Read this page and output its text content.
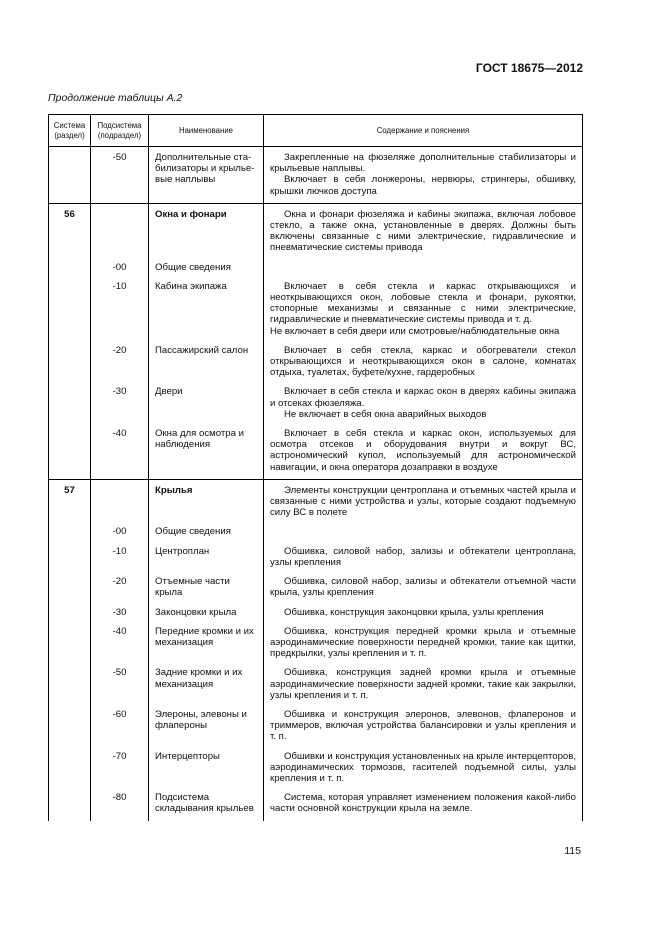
ГОСТ 18675—2012
Продолжение таблицы А.2
Система (раздел)	Подсистема (подраздел)	Наименование	Содержание и пояснения
	-50	Дополнительные ста-билизаторы и крылье-вые наплывы	Закрепленные на фюзеляже дополнительные стабилизаторы и крыльевые наплывы.

Включает в себя лонжероны, нервюры, стрингеры, обшивку, крышки лючков доступа

56		Окна и фонари	Окна и фонари фюзеляжа и кабины экипажа, включая лобовое стекло, а также окна, установленные в дверях. Должны быть включены связанные с ними электрические, гидравлические и пневматические системы привода

	-00	Общие сведения	
	-10	Кабина экипажа	Включает в себя стекла и каркас открывающихся и неоткрывающихся окон, лобовые стекла и фонари, рукоятки, стопорные механизмы и связанные с ними электрические, гидравлические и пневматические системы привода и т. д.

Не включает в себя двери или смотровые/наблюдательные окна

	-20	Пассажирский салон	Включает в себя стекла, каркас и обогреватели стекол открывающихся и неоткрывающихся окон в салоне, комнатах отдыха, туалетах, буфете/кухне, гардеробных

	-30	Двери	Включает в себя стекла и каркас окон в дверях кабины экипажа и отсеках фюзеляжа.

Не включает в себя окна аварийных выходов

	-40	Окна для осмотра и наблюдения	Включает в себя стекла и каркас окон, используемых для осмотра отсеков и оборудования внутри и вокруг ВС, астрономический купол, используемый для астрономической навигации, и окна оператора дозаправки в воздухе

57		Крылья	Элементы конструкции центроплана и отъемных частей крыла и связанные с ними устройства и узлы, которые создают подъемную силу ВС в полете

	-00	Общие сведения	
	-10	Центроплан	Обшивка, силовой набор, зализы и обтекатели центроплана, узлы крепления

	-20	Отъемные части крыла	Обшивка, силовой набор, зализы и обтекатели отъемной части крыла, узлы крепления

	-30	Законцовки крыла	Обшивка, конструкция законцовки крыла, узлы крепления

	-40	Передние кромки и их механизация	Обшивка, конструкция передней кромки крыла и отъемные аэродинамические поверхности передней кромки, такие как щитки, предкрылки, узлы крепления и т. п.

	-50	Задние кромки и их механизация	Обшивка, конструкция задней кромки крыла и отъемные аэродинамические поверхности задней кромки, такие как закрылки, узлы крепления и т. п.

	-60	Элероны, элевоны и флапероны	Обшивка и конструкция элеронов, элевонов, флаперонов и триммеров, включая устройства балансировки и узлы крепления и т. п.

	-70	Интерцепторы	Обшивки и конструкция установленных на крыле интерцепторов, аэродинамических тормозов, гасителей подъемной силы, узлы крепления и т. п.

	-80	Подсистема складывания крыльев	Система, которая управляет изменением положения какой-либо части основной конструкции крыла на земле.

115
